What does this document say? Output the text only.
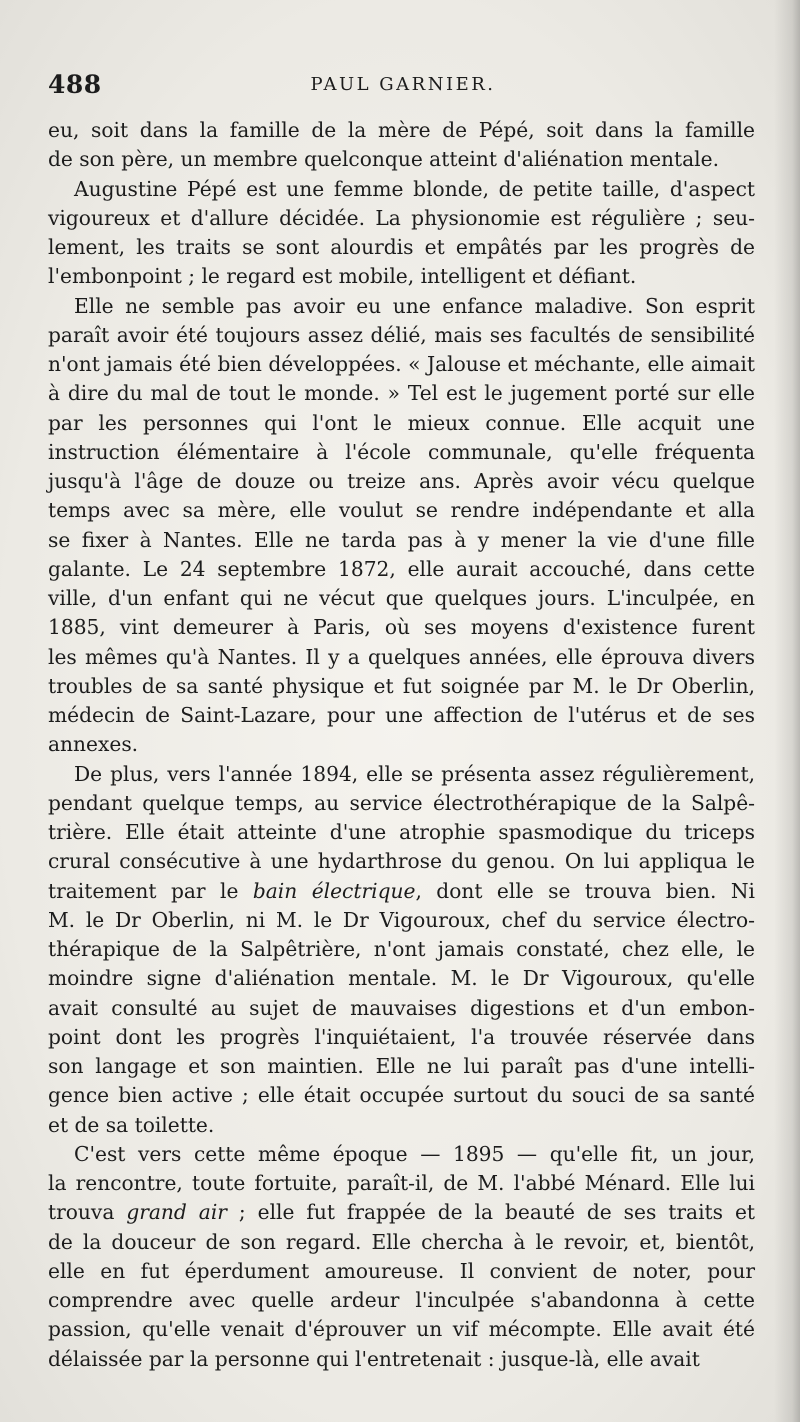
488	PAUL GARNIER.
eu, soit dans la famille de la mère de Pépé, soit dans la famille
de son père, un membre quelconque atteint d'aliénation mentale.
Augustine Pépé est une femme blonde, de petite taille, d'aspect
vigoureux et d'allure décidée. La physionomie est régulière ; seu-
lement, les traits se sont alourdis et empâtés par les progrès de
l'embonpoint ; le regard est mobile, intelligent et défiant.
Elle ne semble pas avoir eu une enfance maladive. Son esprit
paraît avoir été toujours assez délié, mais ses facultés de sensibilité
n'ont jamais été bien développées. « Jalouse et méchante, elle aimait
à dire du mal de tout le monde. » Tel est le jugement porté sur elle
par les personnes qui l'ont le mieux connue. Elle acquit une
instruction élémentaire à l'école communale, qu'elle fréquenta
jusqu'à l'âge de douze ou treize ans. Après avoir vécu quelque
temps avec sa mère, elle voulut se rendre indépendante et alla
se fixer à Nantes. Elle ne tarda pas à y mener la vie d'une fille
galante. Le 24 septembre 1872, elle aurait accouché, dans cette
ville, d'un enfant qui ne vécut que quelques jours. L'inculpée, en
1885, vint demeurer à Paris, où ses moyens d'existence furent
les mêmes qu'à Nantes. Il y a quelques années, elle éprouva divers
troubles de sa santé physique et fut soignée par M. le Dr Oberlin,
médecin de Saint-Lazare, pour une affection de l'utérus et de ses
annexes.
De plus, vers l'année 1894, elle se présenta assez régulièrement,
pendant quelque temps, au service électrothérapique de la Salpê-
trière. Elle était atteinte d'une atrophie spasmodique du triceps
crural consécutive à une hydarthrose du genou. On lui appliqua le
traitement par le bain électrique, dont elle se trouva bien. Ni
M. le Dr Oberlin, ni M. le Dr Vigouroux, chef du service électro-
thérapique de la Salpêtrière, n'ont jamais constaté, chez elle, le
moindre signe d'aliénation mentale. M. le Dr Vigouroux, qu'elle
avait consulté au sujet de mauvaises digestions et d'un embon-
point dont les progrès l'inquiétaient, l'a trouvée réservée dans
son langage et son maintien. Elle ne lui paraît pas d'une intelli-
gence bien active ; elle était occupée surtout du souci de sa santé
et de sa toilette.
C'est vers cette même époque — 1895 — qu'elle fit, un jour,
la rencontre, toute fortuite, paraît-il, de M. l'abbé Ménard. Elle lui
trouva grand air ; elle fut frappée de la beauté de ses traits et
de la douceur de son regard. Elle chercha à le revoir, et, bientôt,
elle en fut éperdument amoureuse. Il convient de noter, pour
comprendre avec quelle ardeur l'inculpée s'abandonna à cette
passion, qu'elle venait d'éprouver un vif mécompte. Elle avait été
délaissée par la personne qui l'entretenait : jusque-là, elle avait
